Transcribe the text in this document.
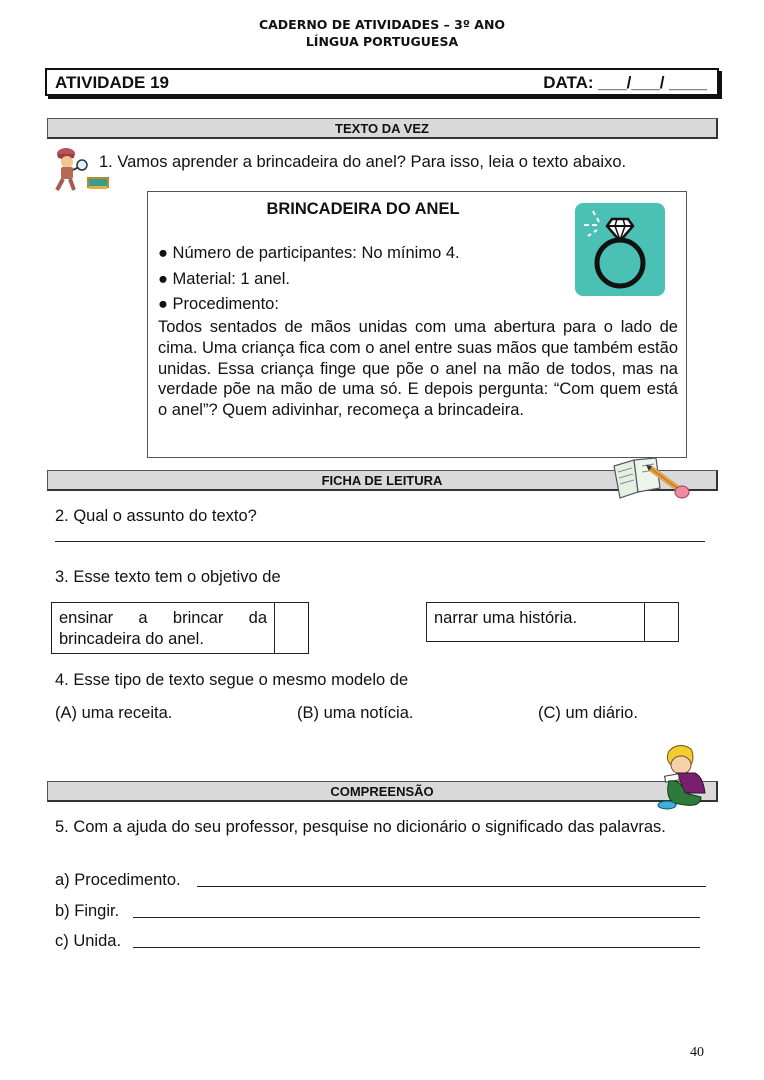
CADERNO DE ATIVIDADES – 3º ANO
LÍNGUA PORTUGUESA
ATIVIDADE 19	DATA: ___/___/ ____
TEXTO DA VEZ
1. Vamos aprender a brincadeira do anel? Para isso, leia o texto abaixo.
BRINCADEIRA DO ANEL
● Número de participantes: No mínimo 4.
● Material: 1 anel.
● Procedimento:
Todos sentados de mãos unidas com uma abertura para o lado de cima. Uma criança fica com o anel entre suas mãos que também estão unidas. Essa criança finge que põe o anel na mão de todos, mas na verdade põe na mão de uma só. E depois pergunta: “Com quem está o anel”? Quem adivinhar, recomeça a brincadeira.
FICHA DE LEITURA
2. Qual o assunto do texto?
3. Esse texto tem o objetivo de
ensinar a brincar da brincadeira do anel.
narrar uma história.
4. Esse tipo de texto segue o mesmo modelo de
(A) uma receita.	(B) uma notícia.	(C) um diário.
COMPREENSÃO
5. Com a ajuda do seu professor, pesquise no dicionário o significado das palavras.
a) Procedimento.
b) Fingir.
c) Unida.
40
